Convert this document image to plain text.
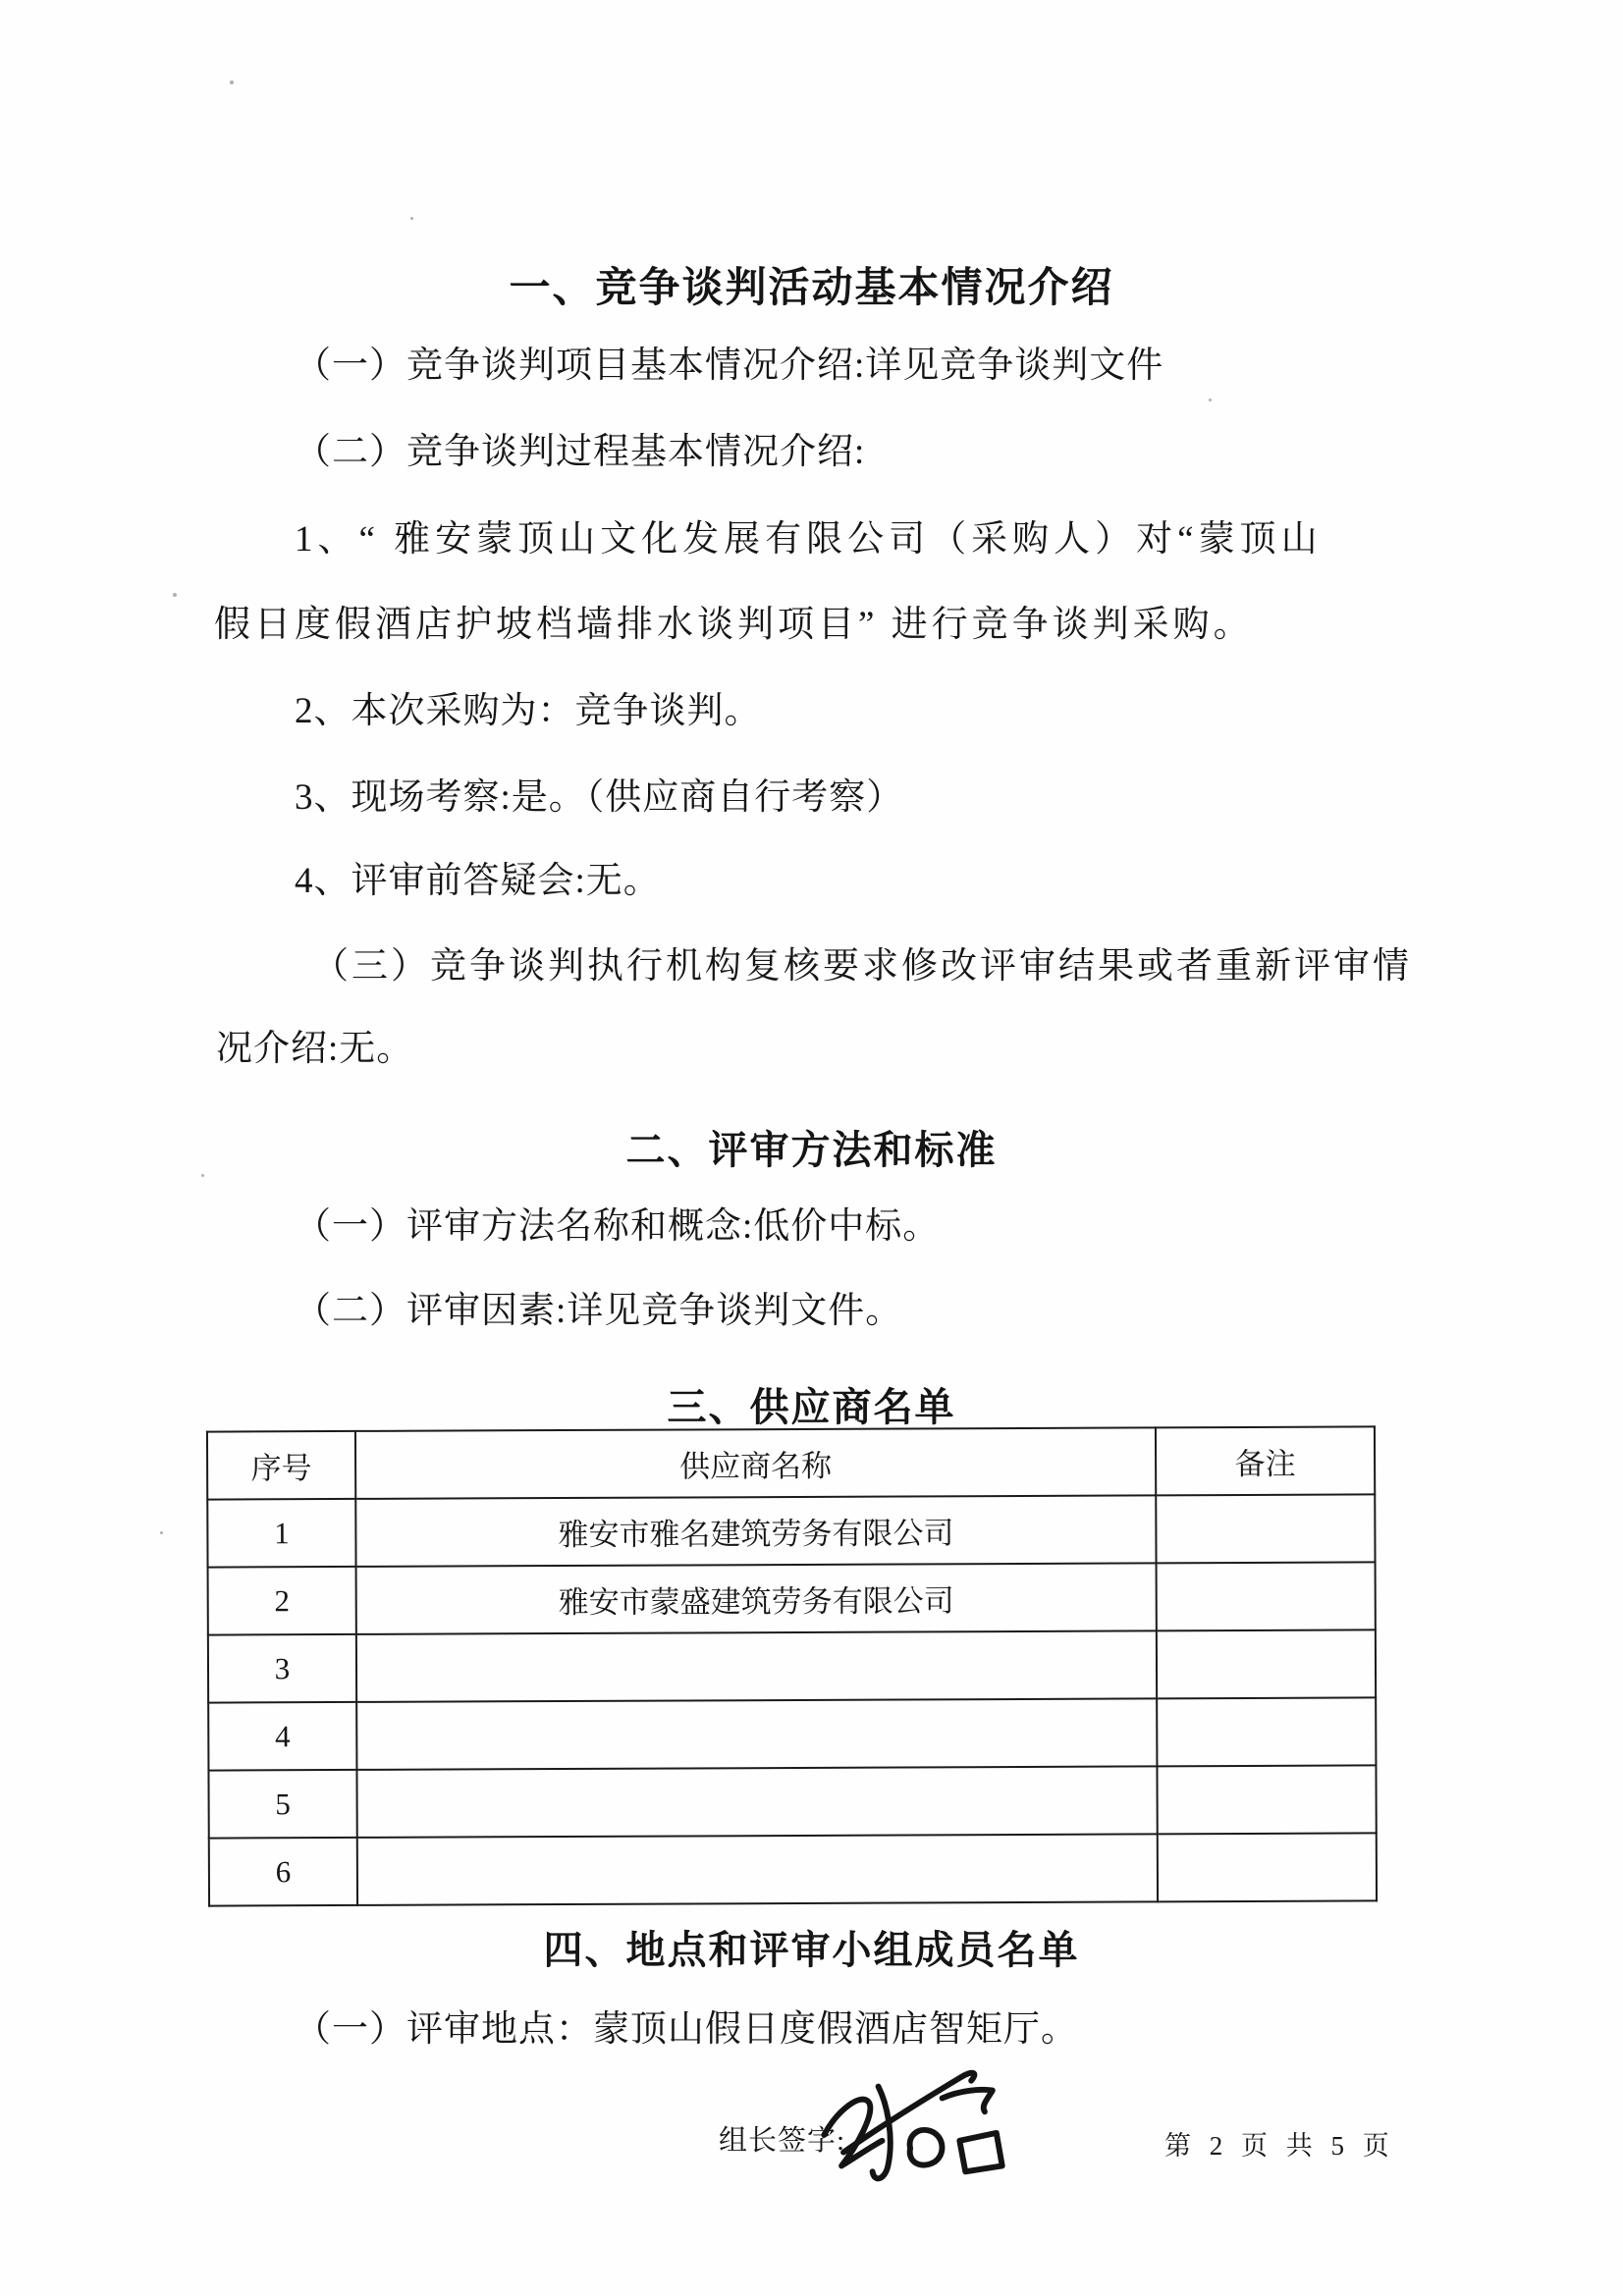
一、竞争谈判活动基本情况介绍
（一）竞争谈判项目基本情况介绍:详见竞争谈判文件
（二）竞争谈判过程基本情况介绍:
1、“ 雅安蒙顶山文化发展有限公司（采购人）对“蒙顶山
假日度假酒店护坡档墙排水谈判项目” 进行竞争谈判采购。
2、本次采购为：竞争谈判。
3、现场考察:是。（供应商自行考察）
4、评审前答疑会:无。
（三）竞争谈判执行机构复核要求修改评审结果或者重新评审情
况介绍:无。
二、评审方法和标准
（一）评审方法名称和概念:低价中标。
（二）评审因素:详见竞争谈判文件。
三、供应商名单
序号	供应商名称	备注
1	雅安市雅名建筑劳务有限公司	
2	雅安市蒙盛建筑劳务有限公司	
3		
4		
5		
6		
四、地点和评审小组成员名单
（一）评审地点：蒙顶山假日度假酒店智矩厅。
组长签字:	第 2 页 共 5 页
